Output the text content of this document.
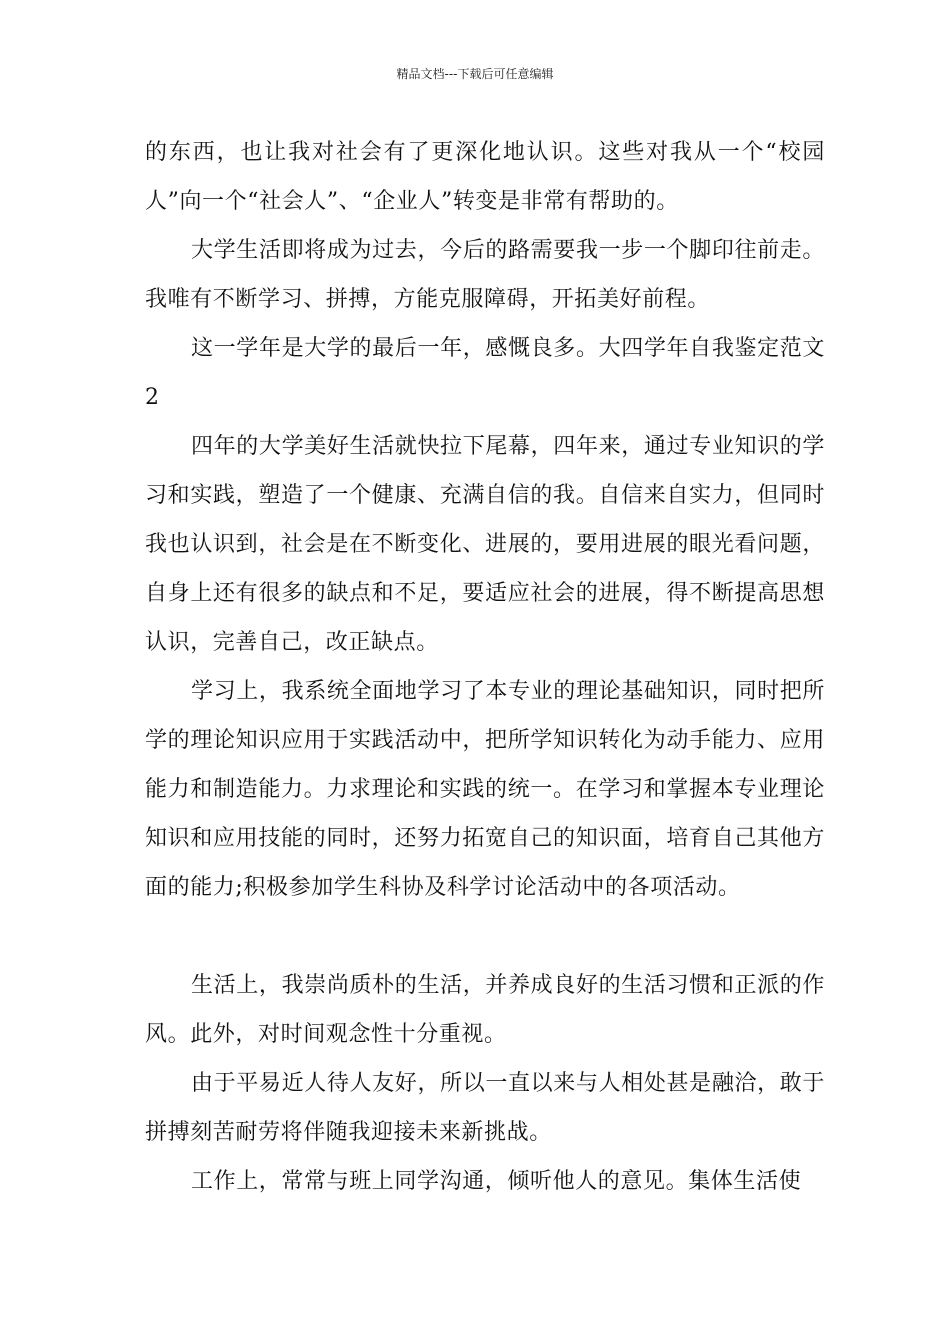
精品文档---下载后可任意编辑

的东西，也让我对社会有了更深化地认识。这些对我从一个“校园人”向一个“社会人”、“企业人”转变是非常有帮助的。

大学生活即将成为过去，今后的路需要我一步一个脚印往前走。我唯有不断学习、拼搏，方能克服障碍，开拓美好前程。

这一学年是大学的最后一年，感慨良多。大四学年自我鉴定范文2

四年的大学美好生活就快拉下尾幕，四年来，通过专业知识的学习和实践，塑造了一个健康、充满自信的我。自信来自实力，但同时我也认识到，社会是在不断变化、进展的，要用进展的眼光看问题，自身上还有很多的缺点和不足，要适应社会的进展，得不断提高思想认识，完善自己，改正缺点。

学习上，我系统全面地学习了本专业的理论基础知识，同时把所学的理论知识应用于实践活动中，把所学知识转化为动手能力、应用能力和制造能力。力求理论和实践的统一。在学习和掌握本专业理论知识和应用技能的同时，还努力拓宽自己的知识面，培育自己其他方面的能力;积极参加学生科协及科学讨论活动中的各项活动。

生活上，我崇尚质朴的生活，并养成良好的生活习惯和正派的作风。此外，对时间观念性十分重视。

由于平易近人待人友好，所以一直以来与人相处甚是融洽，敢于拼搏刻苦耐劳将伴随我迎接未来新挑战。

工作上，常常与班上同学沟通，倾听他人的意见。集体生活使
